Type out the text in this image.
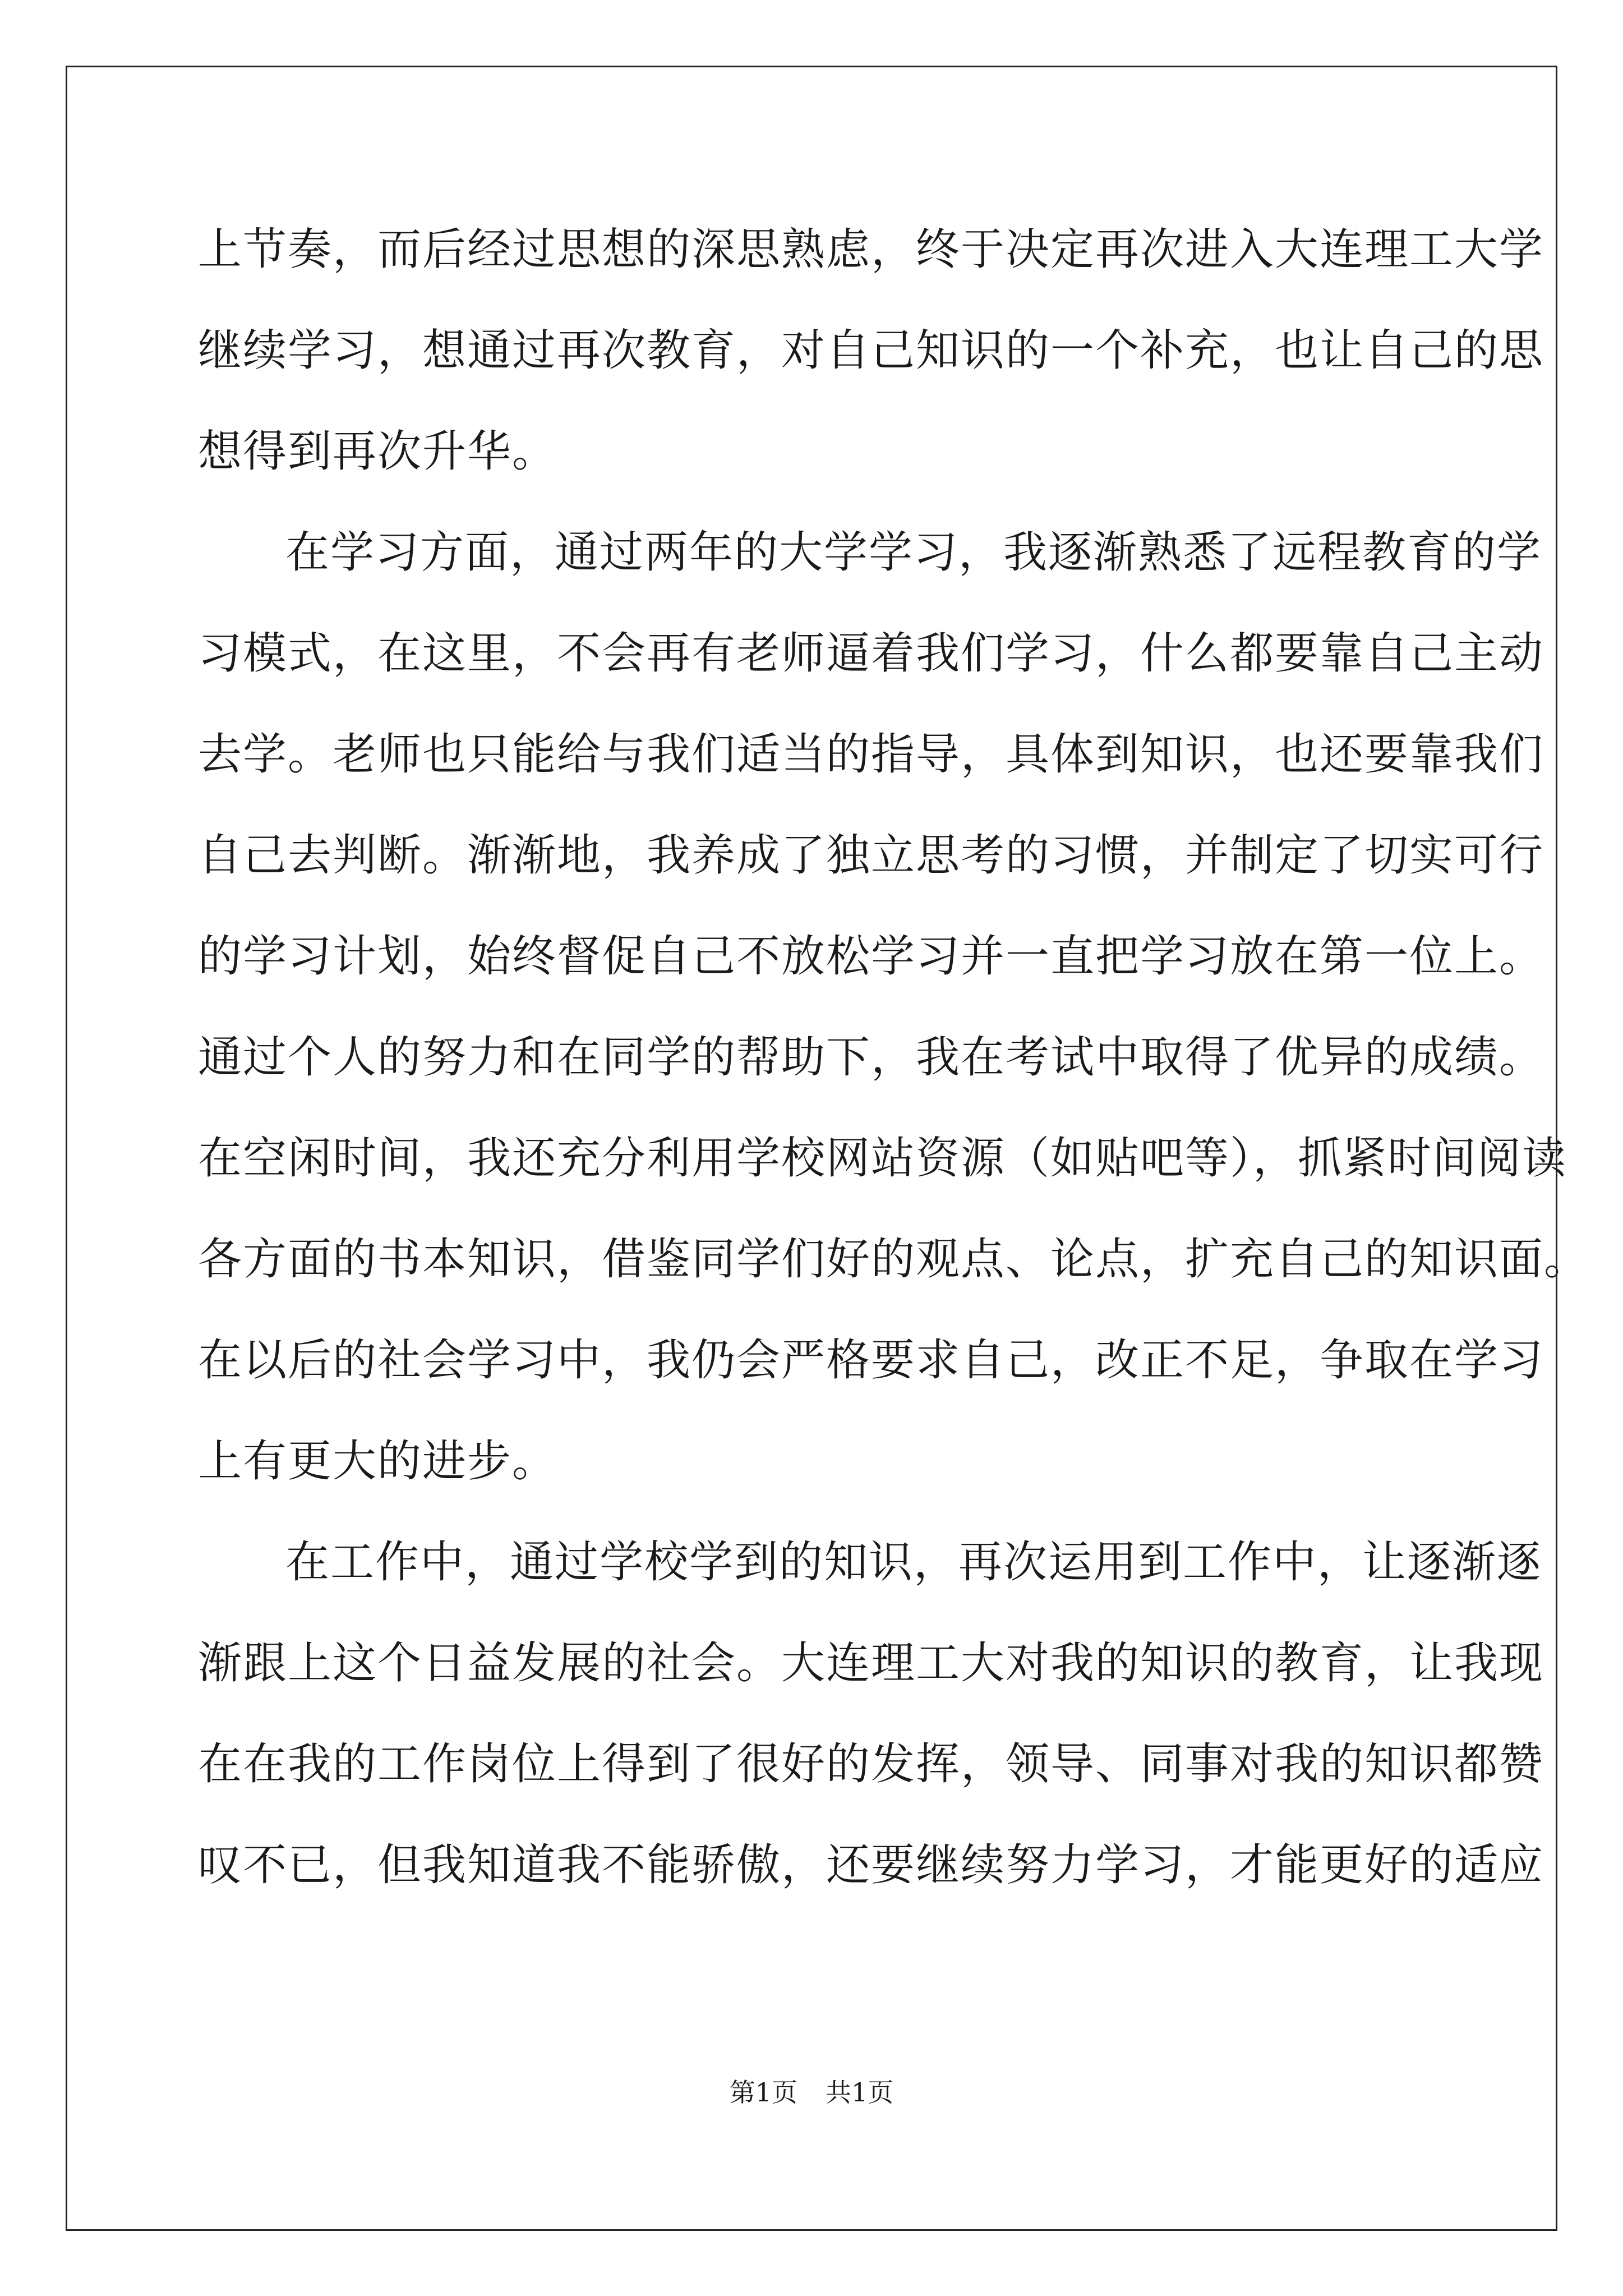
上节奏，而后经过思想的深思熟虑，终于决定再次进入大连理工大学
继续学习，想通过再次教育，对自己知识的一个补充，也让自己的思
想得到再次升华。
在学习方面，通过两年的大学学习，我逐渐熟悉了远程教育的学
习模式，在这里，不会再有老师逼着我们学习，什么都要靠自己主动
去学。老师也只能给与我们适当的指导，具体到知识，也还要靠我们
自己去判断。渐渐地，我养成了独立思考的习惯，并制定了切实可行
的学习计划，始终督促自己不放松学习并一直把学习放在第一位上。
通过个人的努力和在同学的帮助下，我在考试中取得了优异的成绩。
在空闲时间，我还充分利用学校网站资源（如贴吧等），抓紧时间阅读
各方面的书本知识，借鉴同学们好的观点、论点，扩充自己的知识面。
在以后的社会学习中，我仍会严格要求自己，改正不足，争取在学习
上有更大的进步。
在工作中，通过学校学到的知识，再次运用到工作中，让逐渐逐
渐跟上这个日益发展的社会。大连理工大对我的知识的教育，让我现
在在我的工作岗位上得到了很好的发挥，领导、同事对我的知识都赞
叹不已，但我知道我不能骄傲，还要继续努力学习，才能更好的适应
第1页 共1页
